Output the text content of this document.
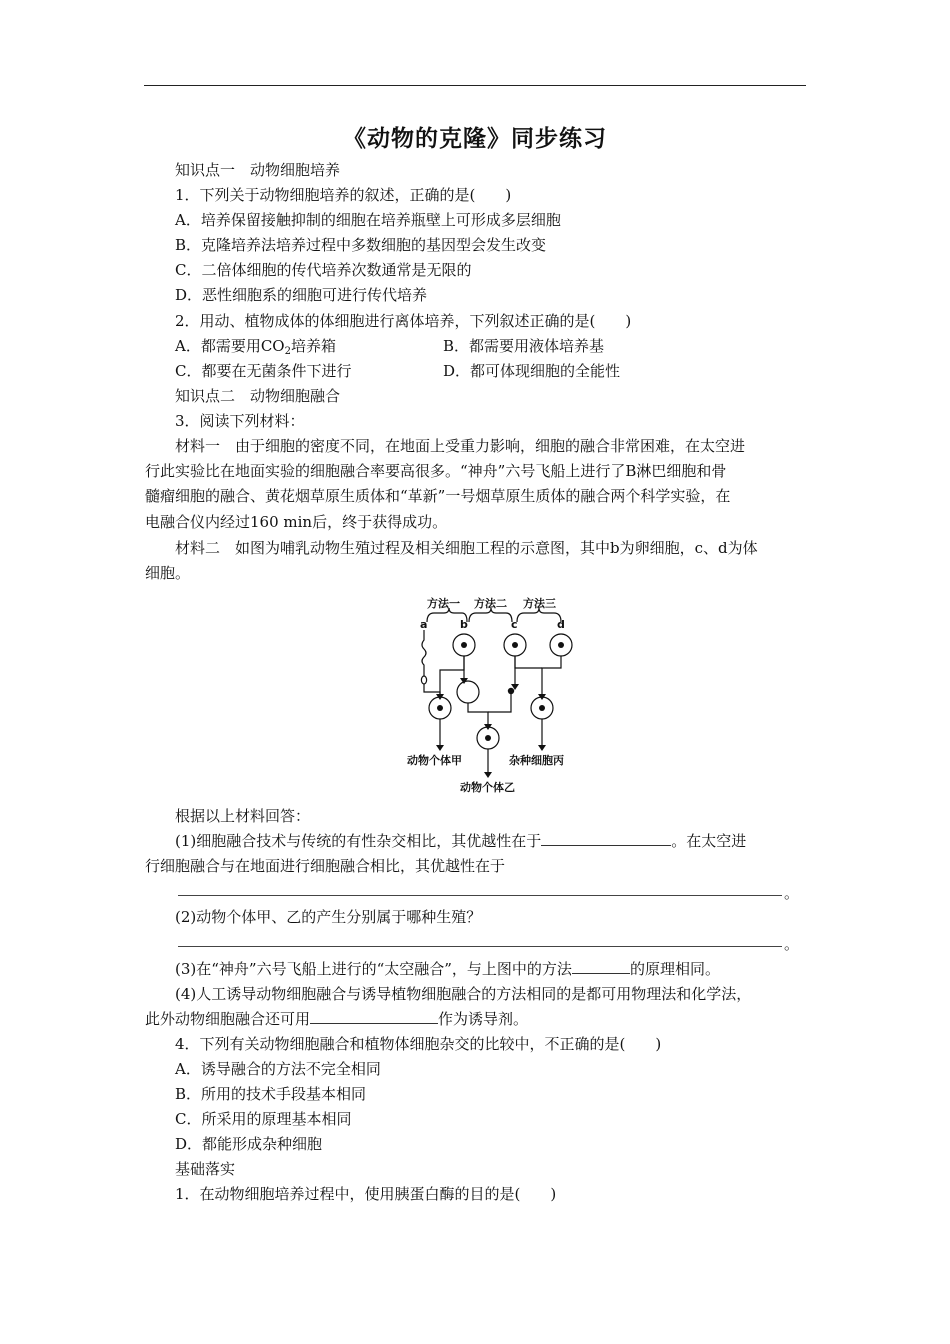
《动物的克隆》同步练习
知识点一　动物细胞培养
1．下列关于动物细胞培养的叙述，正确的是(　　)
A．培养保留接触抑制的细胞在培养瓶壁上可形成多层细胞
B．克隆培养法培养过程中多数细胞的基因型会发生改变
C．二倍体细胞的传代培养次数通常是无限的
D．恶性细胞系的细胞可进行传代培养
2．用动、植物成体的体细胞进行离体培养，下列叙述正确的是(　　)
A．都需要用$CO_2$培养箱	B．都需要用液体培养基
C．都要在无菌条件下进行	D．都可体现细胞的全能性
知识点二　动物细胞融合
3．阅读下列材料：
材料一　由于细胞的密度不同，在地面上受重力影响，细胞的融合非常困难，在太空进
行此实验比在地面实验的细胞融合率要高很多。“神舟”六号飞船上进行了B淋巴细胞和骨
髓瘤细胞的融合、黄花烟草原生质体和“革新”一号烟草原生质体的融合两个科学实验，在
电融合仪内经过160 min后，终于获得成功。
材料二　如图为哺乳动物生殖过程及相关细胞工程的示意图，其中b为卵细胞，c、d为体
细胞。
方法一 方法二 方法三
a	b	c	d
动物个体甲	杂种细胞丙
动物个体乙
根据以上材料回答：
(1)细胞融合技术与传统的有性杂交相比，其优越性在于	。在太空进
行细胞融合与在地面进行细胞融合相比，其优越性在于
。
(2)动物个体甲、乙的产生分别属于哪种生殖？
。
(3)在“神舟”六号飞船上进行的“太空融合”，与上图中的方法	的原理相同。
(4)人工诱导动物细胞融合与诱导植物细胞融合的方法相同的是都可用物理法和化学法，
此外动物细胞融合还可用	作为诱导剂。
4．下列有关动物细胞融合和植物体细胞杂交的比较中，不正确的是(　　)
A．诱导融合的方法不完全相同
B．所用的技术手段基本相同
C．所采用的原理基本相同
D．都能形成杂种细胞
基础落实
1．在动物细胞培养过程中，使用胰蛋白酶的目的是(　　)
